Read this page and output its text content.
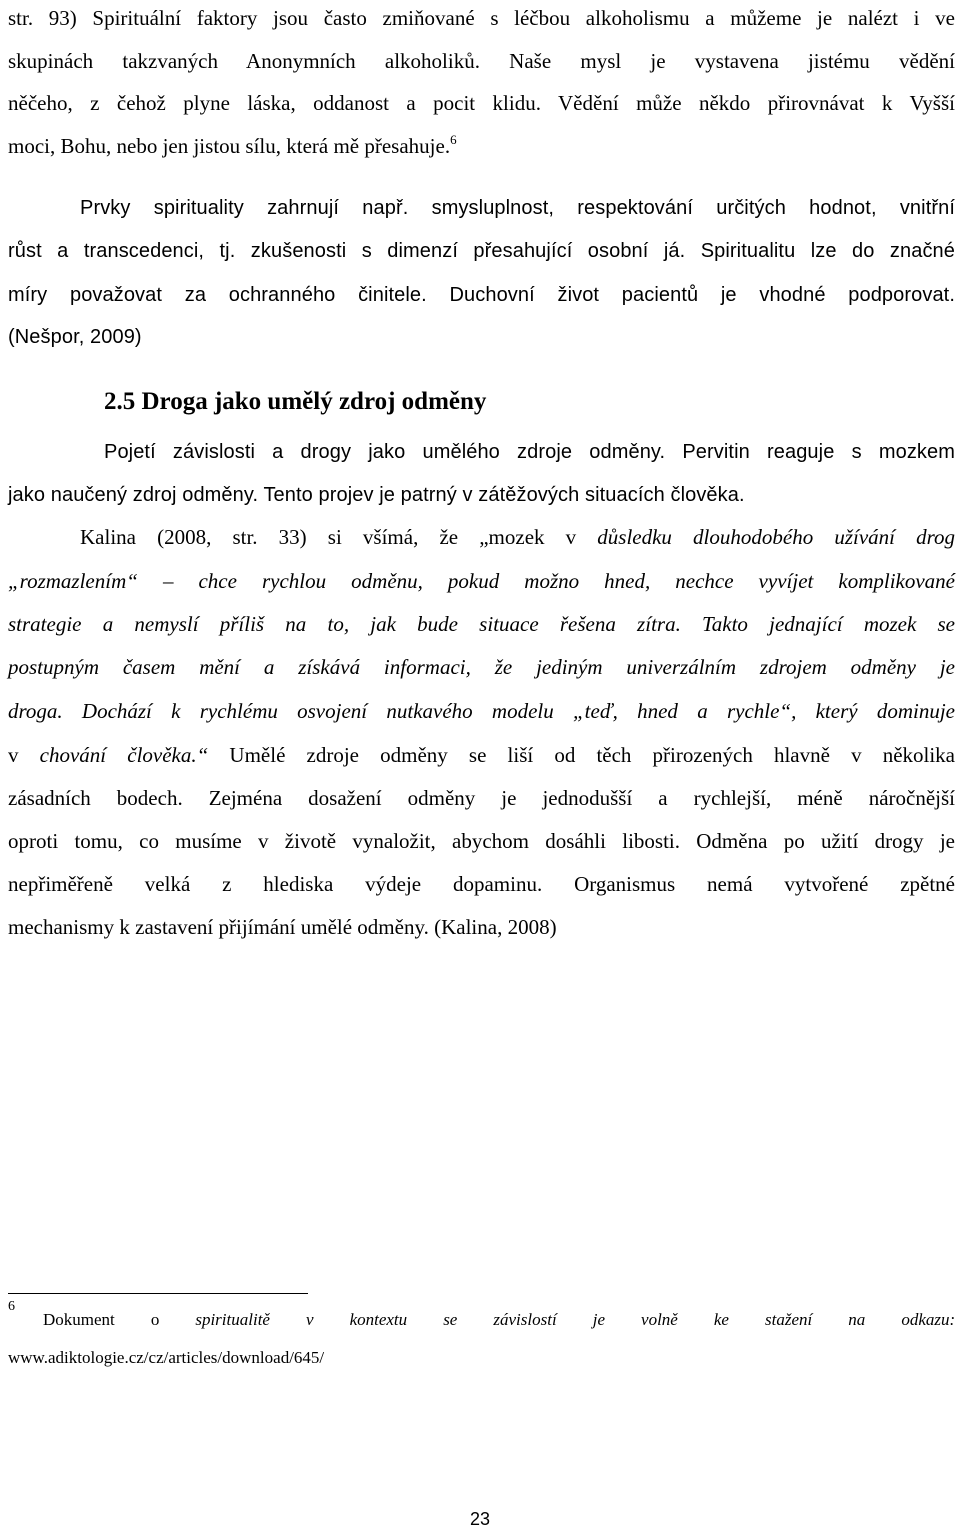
str. 93) Spirituální faktory jsou často zmiňované s léčbou alkoholismu a můžeme je nalézt i ve
skupinách takzvaných Anonymních alkoholiků. Naše mysl je vystavena jistému vědění
něčeho, z čehož plyne láska, oddanost a pocit klidu. Vědění může někdo přirovnávat k Vyšší
moci, Bohu, nebo jen jistou sílu, která mě přesahuje.$^6$
Prvky spirituality zahrnují např. smysluplnost, respektování určitých hodnot, vnitřní
růst a transcedenci, tj. zkušenosti s dimenzí přesahující osobní já. Spiritualitu lze do značné
míry považovat za ochranného činitele. Duchovní život pacientů je vhodné podporovat.
(Nešpor, 2009)
2.5 Droga jako umělý zdroj odměny
Pojetí závislosti a drogy jako umělého zdroje odměny. Pervitin reaguje s mozkem
jako naučený zdroj odměny. Tento projev je patrný v zátěžových situacích člověka.
Kalina (2008, str. 33) si všímá, že „mozek v důsledku dlouhodobého užívání drog
„rozmazlením“ – chce rychlou odměnu, pokud možno hned, nechce vyvíjet komplikované
strategie a nemyslí příliš na to, jak bude situace řešena zítra. Takto jednající mozek se
postupným časem mění a získává informaci, že jediným univerzálním zdrojem odměny je
droga. Dochází k rychlému osvojení nutkavého modelu „teď, hned a rychle“, který dominuje
v chování člověka.“ Umělé zdroje odměny se liší od těch přirozených hlavně v několika
zásadních bodech. Zejména dosažení odměny je jednodušší a rychlejší, méně náročnější
oproti tomu, co musíme v životě vynaložit, abychom dosáhli libosti. Odměna po užití drogy je
nepřiměřeně velká z hlediska výdeje dopaminu. Organismus nemá vytvořené zpětné
mechanismy k zastavení přijímání umělé odměny. (Kalina, 2008)
6
Dokument o spiritualitě v kontextu se závislostí je volně ke stažení na odkazu:
www.adiktologie.cz/cz/articles/download/645/
23
